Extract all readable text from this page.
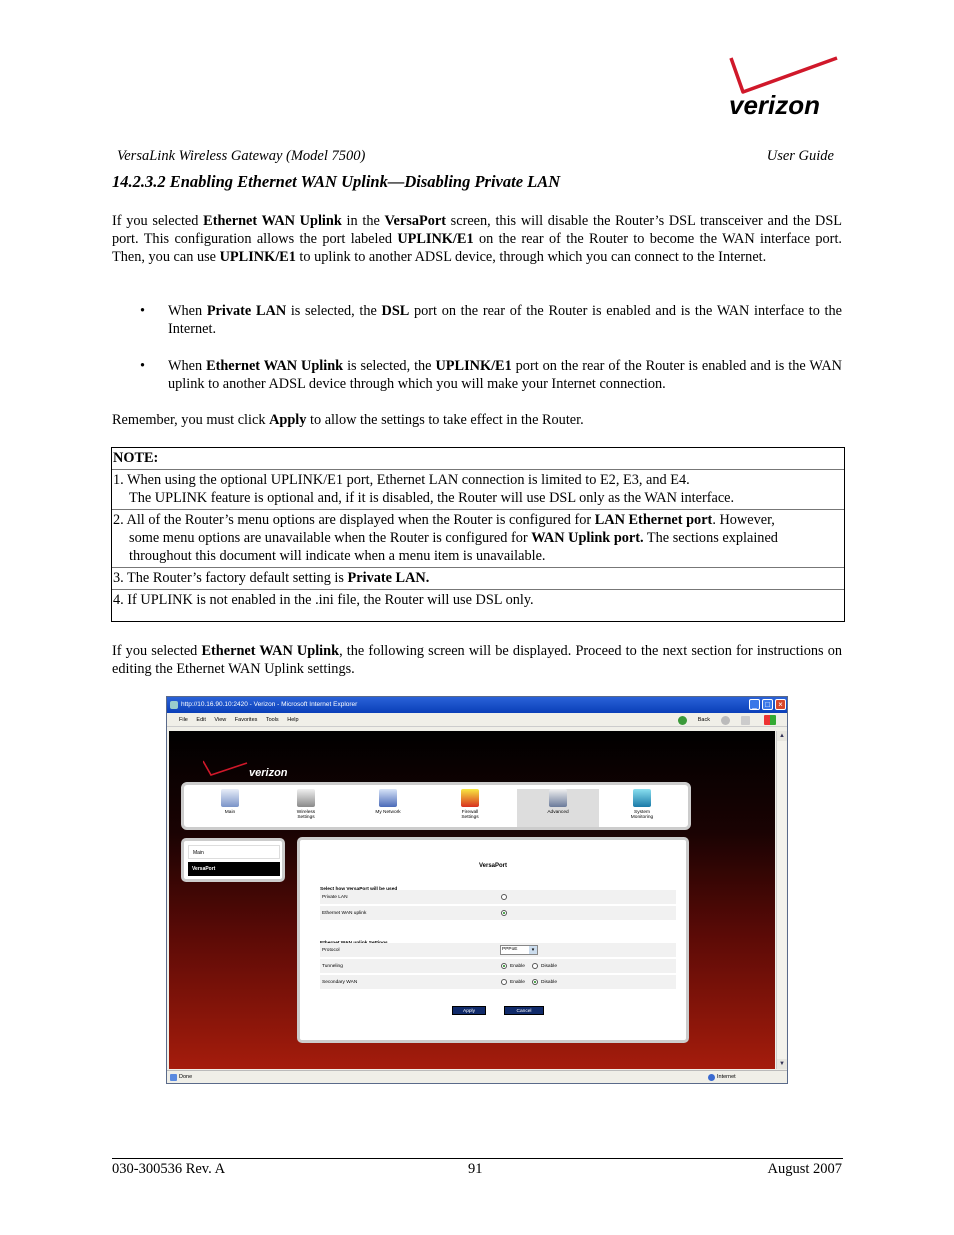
verizon
VersaLink Wireless Gateway (Model 7500)	User Guide
14.2.3.2 Enabling Ethernet WAN Uplink—Disabling Private LAN
If you selected Ethernet WAN Uplink in the VersaPort screen, this will disable the Router’s DSL transceiver and the DSL port. This configuration allows the port labeled UPLINK/E1 on the rear of the Router to become the WAN interface port. Then, you can use UPLINK/E1 to uplink to another ADSL device, through which you can connect to the Internet.
• When Private LAN is selected, the DSL port on the rear of the Router is enabled and is the WAN interface to the Internet.
• When Ethernet WAN Uplink is selected, the UPLINK/E1 port on the rear of the Router is enabled and is the WAN uplink to another ADSL device through which you will make your Internet connection.
Remember, you must click Apply to allow the settings to take effect in the Router.
NOTE:
1. When using the optional UPLINK/E1 port, Ethernet LAN connection is limited to E2, E3, and E4.
The UPLINK feature is optional and, if it is disabled, the Router will use DSL only as the WAN interface.
2. All of the Router’s menu options are displayed when the Router is configured for LAN Ethernet port. However,
some menu options are unavailable when the Router is configured for WAN Uplink port. The sections explained
throughout this document will indicate when a menu item is unavailable.
3. The Router’s factory default setting is Private LAN.
4. If UPLINK is not enabled in the .ini file, the Router will use DSL only.
If you selected Ethernet WAN Uplink, the following screen will be displayed. Proceed to the next section for instructions on editing the Ethernet WAN Uplink settings.
http://10.16.90.10:2420 - Verizon - Microsoft Internet Explorer	_	□	×
File Edit View Favorites Tools Help	Back
verizon
Main	Wireless
Settings
My Network	Firewall
Settings
Advanced	System
Monitoring
Main
VersaPort	VersaPort
Private LAN
Ethernet WAN uplink
Protocol	PPPoE	▾
Tunneling	Enable	Disable
Secondary WAN	Enable	Disable
Apply	Cancel
▲
▼
Done	Internet
030-300536 Rev. A	91	August 2007
